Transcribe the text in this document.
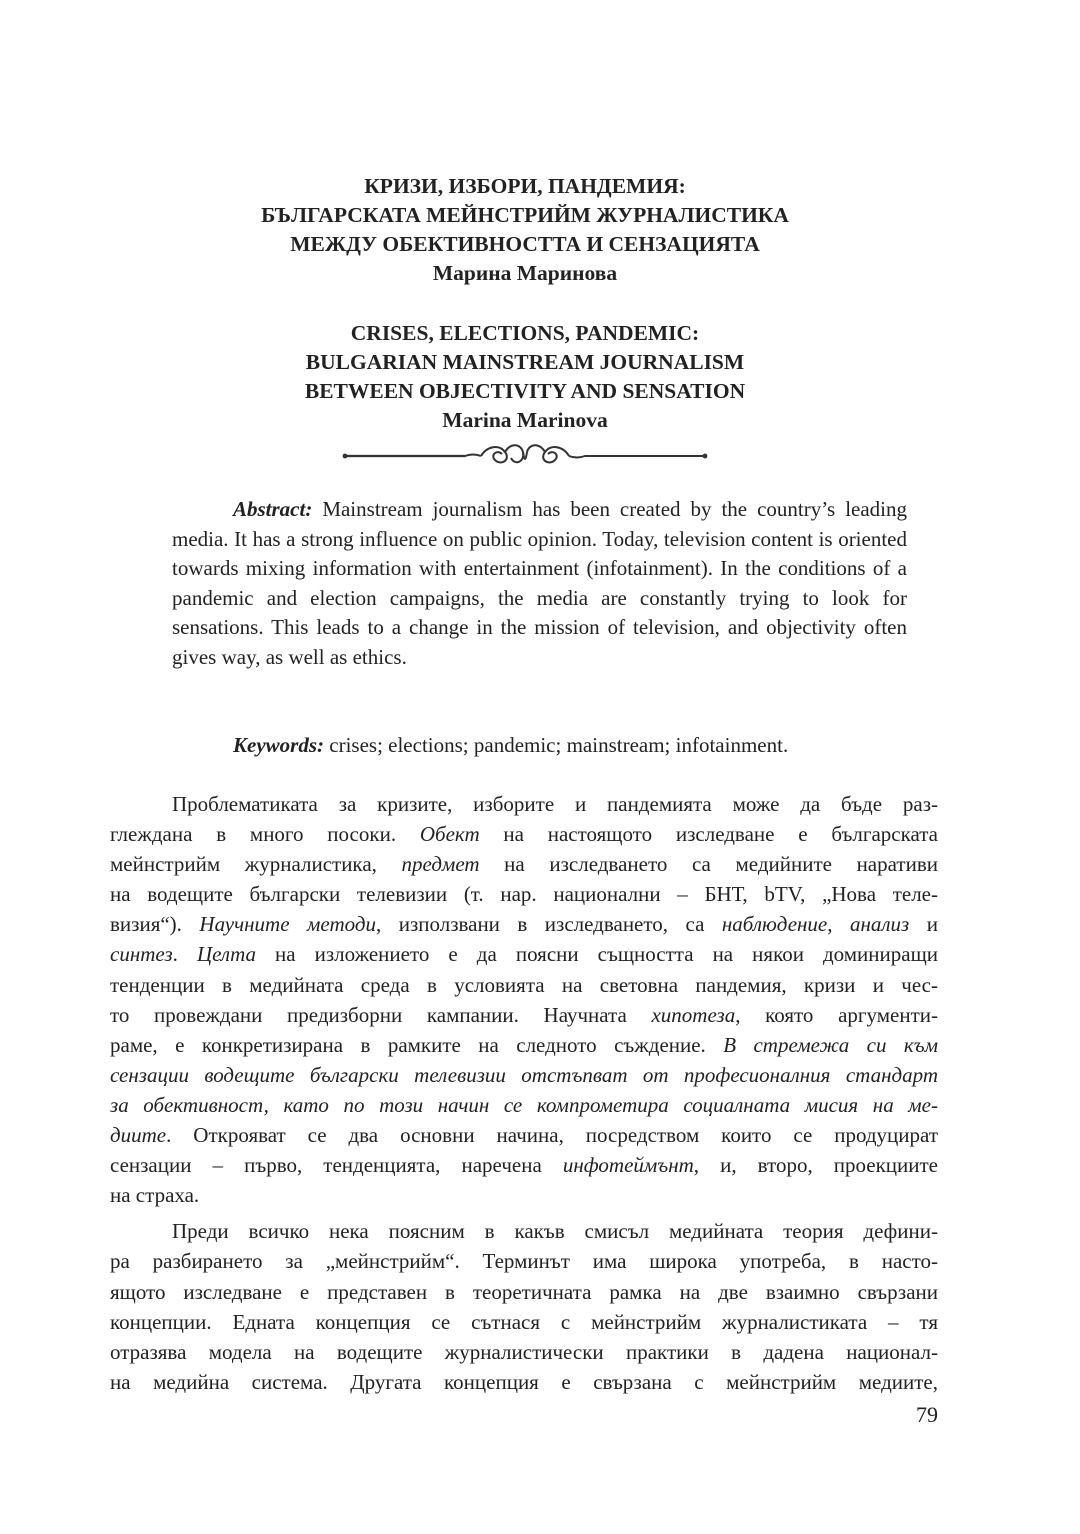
КРИЗИ, ИЗБОРИ, ПАНДЕМИЯ:
БЪЛГАРСКАТА МЕЙНСТРИЙМ ЖУРНАЛИСТИКА
МЕЖДУ ОБЕКТИВНОСТТА И СЕНЗАЦИЯТА
Марина Маринова
CRISES, ELECTIONS, PANDEMIC:
BULGARIAN MAINSTREAM JOURNALISM
BETWEEN OBJECTIVITY AND SENSATION
Marina Marinova
Abstract: Mainstream journalism has been created by the country’s leading media. It has a strong influence on public opinion. Today, television content is oriented towards mixing information with entertainment (infotainment). In the conditions of a pandemic and election campaigns, the media are constantly trying to look for sensations. This leads to a change in the mission of television, and objectivity often gives way, as well as ethics.
Keywords: crises; elections; pandemic; mainstream; infotainment.
Проблематиката за кризите, изборите и пандемията може да бъде раз-
глеждана в много посоки. Обект на настоящото изследване е българската
мейнстрийм журналистика, предмет на изследването са медийните наративи
на водещите български телевизии (т. нар. национални – БНТ, bTV, „Нова теле-
визия“). Научните методи, използвани в изследването, са наблюдение, анализ и
синтез. Целта на изложението е да поясни същността на някои доминиращи
тенденции в медийната среда в условията на световна пандемия, кризи и чес-
то провеждани предизборни кампании. Научната хипотеза, която аргументи-
раме, е конкретизирана в рамките на следното съждение. В стремежа си към
сензации водещите български телевизии отстъпват от професионалния стандарт
за обективност, като по този начин се компрометира социалната мисия на ме-
диите. Открояват се два основни начина, посредством които се продуцират
сензации – първо, тенденцията, наречена инфотеймънт, и, второ, проекциите
на страха.
Преди всичко нека поясним в какъв смисъл медийната теория дефини-
ра разбирането за „мейнстрийм“. Терминът има широка употреба, в насто-
ящото изследване е представен в теоретичната рамка на две взаимно свързани
концепции. Едната концепция се сътнася с мейнстрийм журналистиката – тя
отразява модела на водещите журналистически практики в дадена национал-
на медийна система. Другата концепция е свързана с мейнстрийм медиите,
79
